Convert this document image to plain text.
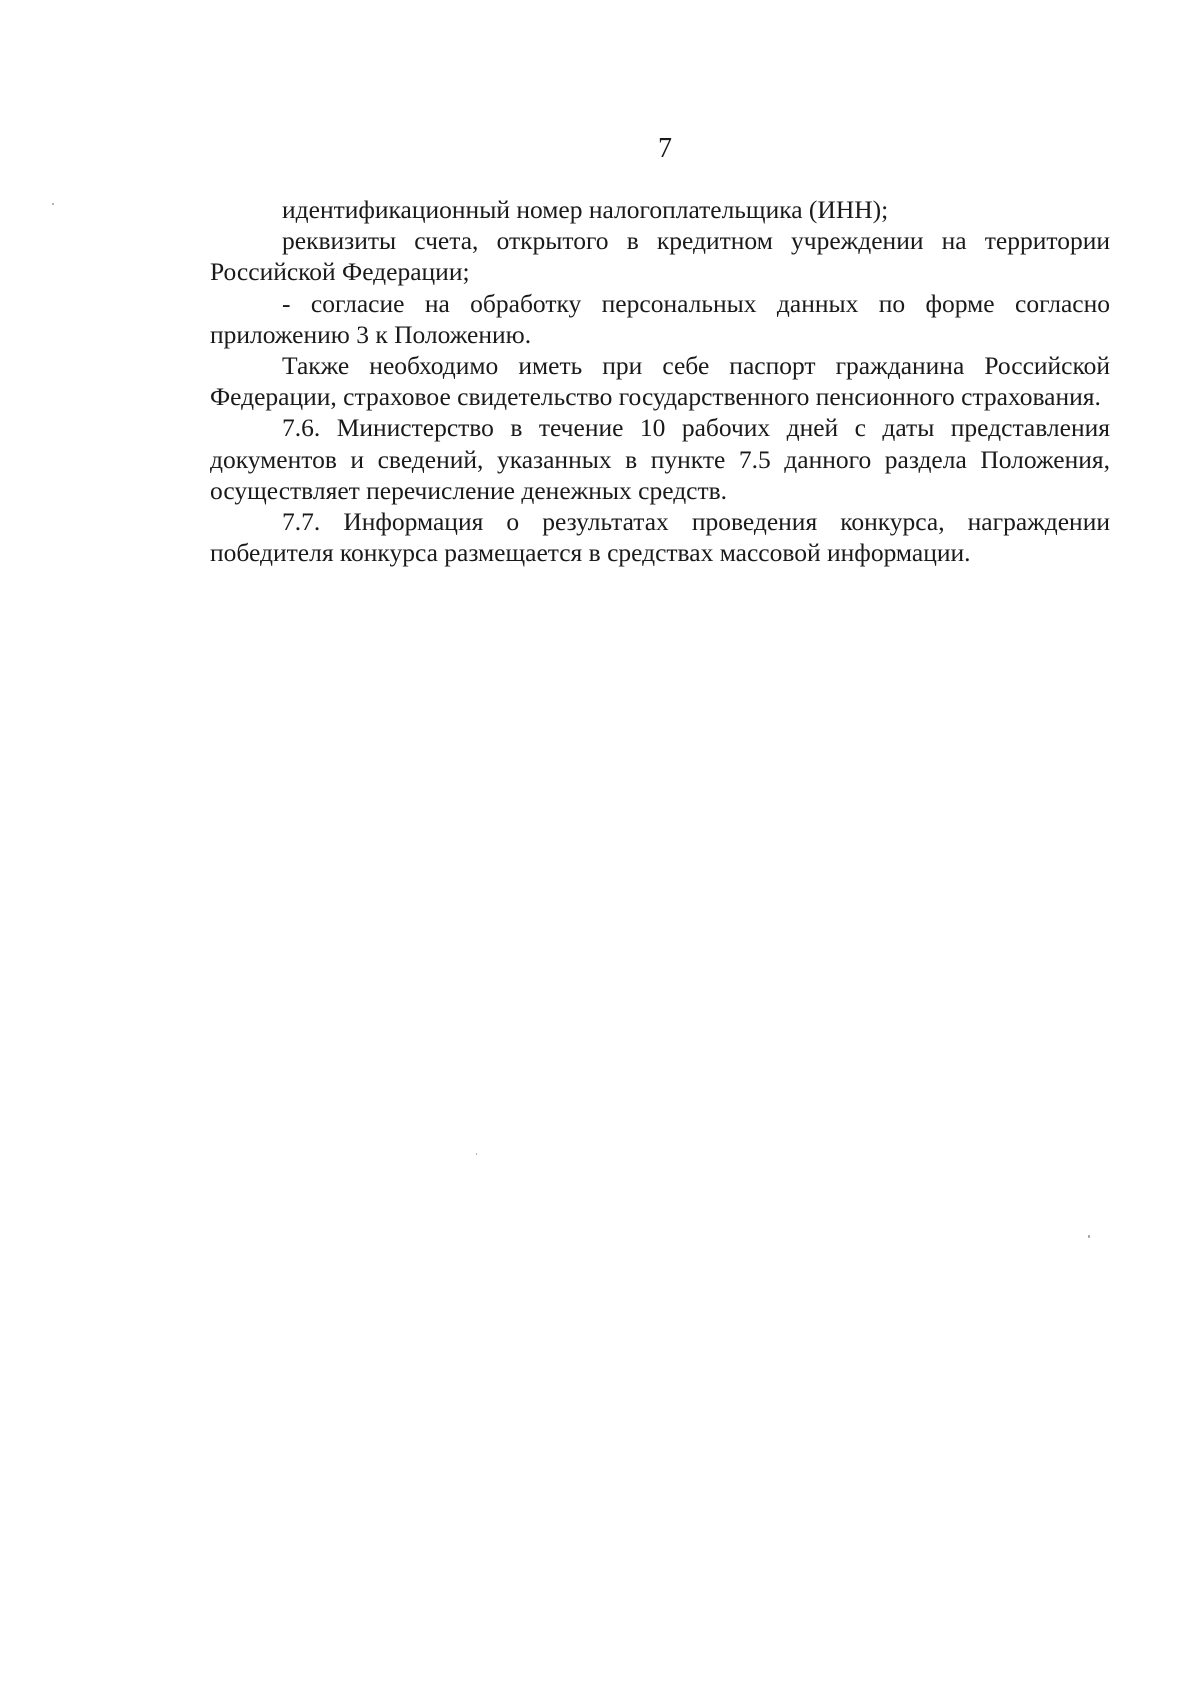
7

идентификационный номер налогоплательщика (ИНН);

реквизиты счета, открытого в кредитном учреждении на территории Российской Федерации;

- согласие на обработку персональных данных по форме согласно приложению 3 к Положению.

Также необходимо иметь при себе паспорт гражданина Российской Федерации, страховое свидетельство государственного пенсионного страхования.

7.6. Министерство в течение 10 рабочих дней с даты представления документов и сведений, указанных в пункте 7.5 данного раздела Положения, осуществляет перечисление денежных средств.

7.7. Информация о результатах проведения конкурса, награждении победителя конкурса размещается в средствах массовой информации.
